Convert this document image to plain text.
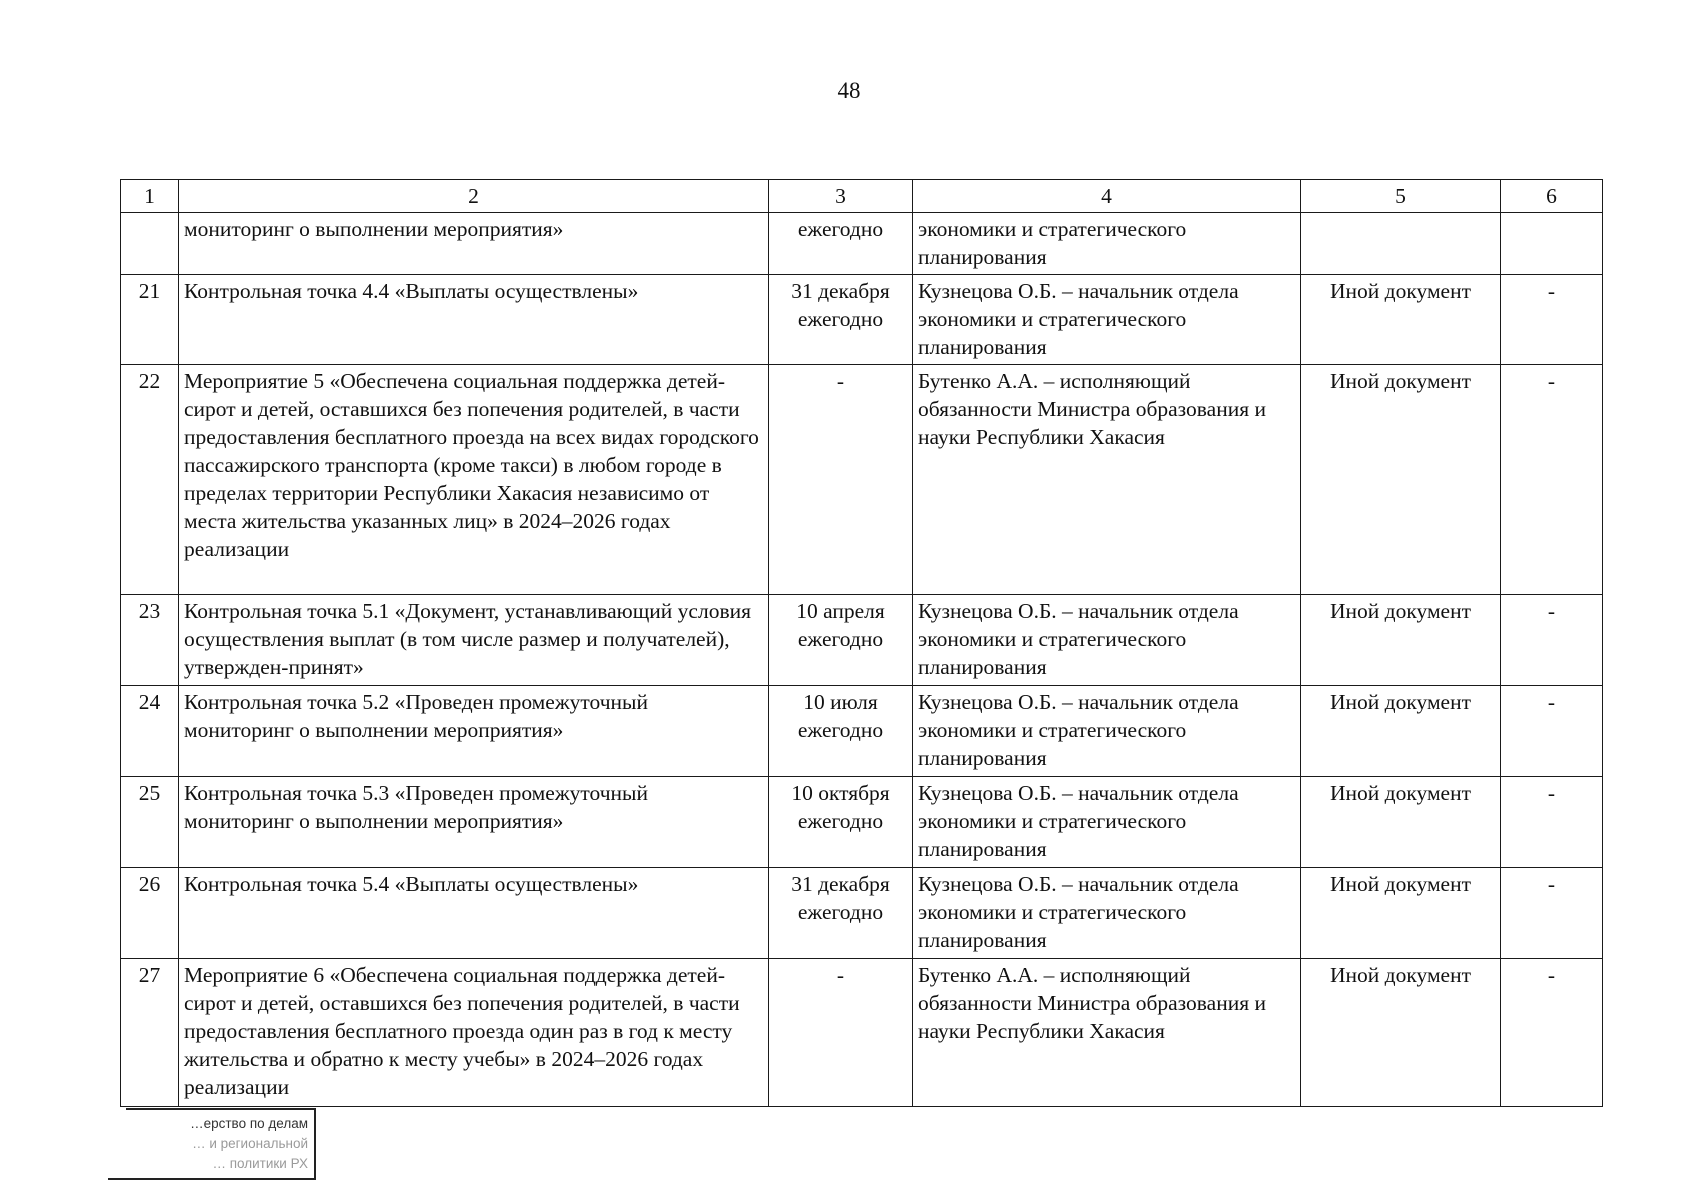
48
1	2	3	4	5	6
	мониторинг о выполнении мероприятия»	ежегодно	экономики и стратегического планирования		
21	Контрольная точка 4.4 «Выплаты осуществлены»	31 декабря ежегодно	Кузнецова О.Б. – начальник отдела экономики и стратегического планирования	Иной документ	-
22	Мероприятие 5 «Обеспечена социальная поддержка детей-сирот и детей, оставшихся без попечения родителей, в части предоставления бесплатного проезда на всех видах городского пассажирского транспорта (кроме такси) в любом городе в пределах территории Республики Хакасия независимо от места жительства указанных лиц» в 2024–2026 годах реализации	-	Бутенко А.А. – исполняющий обязанности Министра образования и науки Республики Хакасия	Иной документ	-
23	Контрольная точка 5.1 «Документ, устанавливающий условия осуществления выплат (в том числе размер и получателей), утвержден-принят»	10 апреля ежегодно	Кузнецова О.Б. – начальник отдела экономики и стратегического планирования	Иной документ	-
24	Контрольная точка 5.2 «Проведен промежуточный мониторинг о выполнении мероприятия»	10 июля ежегодно	Кузнецова О.Б. – начальник отдела экономики и стратегического планирования	Иной документ	-
25	Контрольная точка 5.3 «Проведен промежуточный мониторинг о выполнении мероприятия»	10 октября ежегодно	Кузнецова О.Б. – начальник отдела экономики и стратегического планирования	Иной документ	-
26	Контрольная точка 5.4 «Выплаты осуществлены»	31 декабря ежегодно	Кузнецова О.Б. – начальник отдела экономики и стратегического планирования	Иной документ	-
27	Мероприятие 6 «Обеспечена социальная поддержка детей-сирот и детей, оставшихся без попечения родителей, в части предоставления бесплатного проезда один раз в год к месту жительства и обратно к месту учебы» в 2024–2026 годах реализации	-	Бутенко А.А. – исполняющий обязанности Министра образования и науки Республики Хакасия	Иной документ	-
…ерство по делам
… и региональной
… политики РХ
